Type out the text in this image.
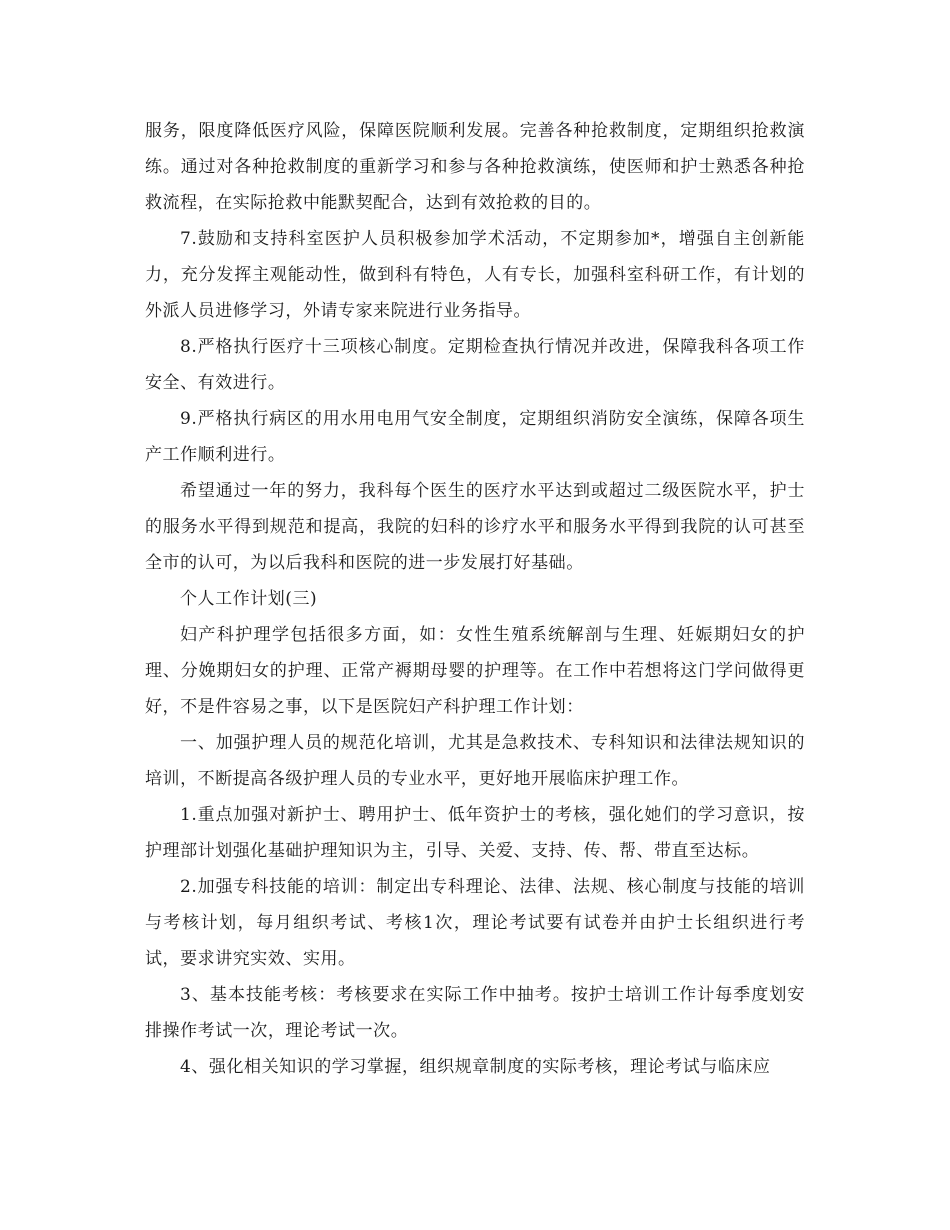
服务，限度降低医疗风险，保障医院顺利发展。完善各种抢救制度，定期组织抢救演练。通过对各种抢救制度的重新学习和参与各种抢救演练，使医师和护士熟悉各种抢救流程，在实际抢救中能默契配合，达到有效抢救的目的。

7.鼓励和支持科室医护人员积极参加学术活动，不定期参加*，增强自主创新能力，充分发挥主观能动性，做到科有特色，人有专长，加强科室科研工作，有计划的外派人员进修学习，外请专家来院进行业务指导。

8.严格执行医疗十三项核心制度。定期检查执行情况并改进，保障我科各项工作安全、有效进行。

9.严格执行病区的用水用电用气安全制度，定期组织消防安全演练，保障各项生产工作顺利进行。

希望通过一年的努力，我科每个医生的医疗水平达到或超过二级医院水平，护士的服务水平得到规范和提高，我院的妇科的诊疗水平和服务水平得到我院的认可甚至全市的认可，为以后我科和医院的进一步发展打好基础。

个人工作计划(三)

妇产科护理学包括很多方面，如：女性生殖系统解剖与生理、妊娠期妇女的护理、分娩期妇女的护理、正常产褥期母婴的护理等。在工作中若想将这门学问做得更好，不是件容易之事，以下是医院妇产科护理工作计划：

一、加强护理人员的规范化培训，尤其是急救技术、专科知识和法律法规知识的培训，不断提高各级护理人员的专业水平，更好地开展临床护理工作。

1.重点加强对新护士、聘用护士、低年资护士的考核，强化她们的学习意识，按护理部计划强化基础护理知识为主，引导、关爱、支持、传、帮、带直至达标。

2.加强专科技能的培训：制定出专科理论、法律、法规、核心制度与技能的培训与考核计划，每月组织考试、考核1次，理论考试要有试卷并由护士长组织进行考试，要求讲究实效、实用。

3、基本技能考核：考核要求在实际工作中抽考。按护士培训工作计每季度划安排操作考试一次，理论考试一次。

4、强化相关知识的学习掌握，组织规章制度的实际考核，理论考试与临床应
